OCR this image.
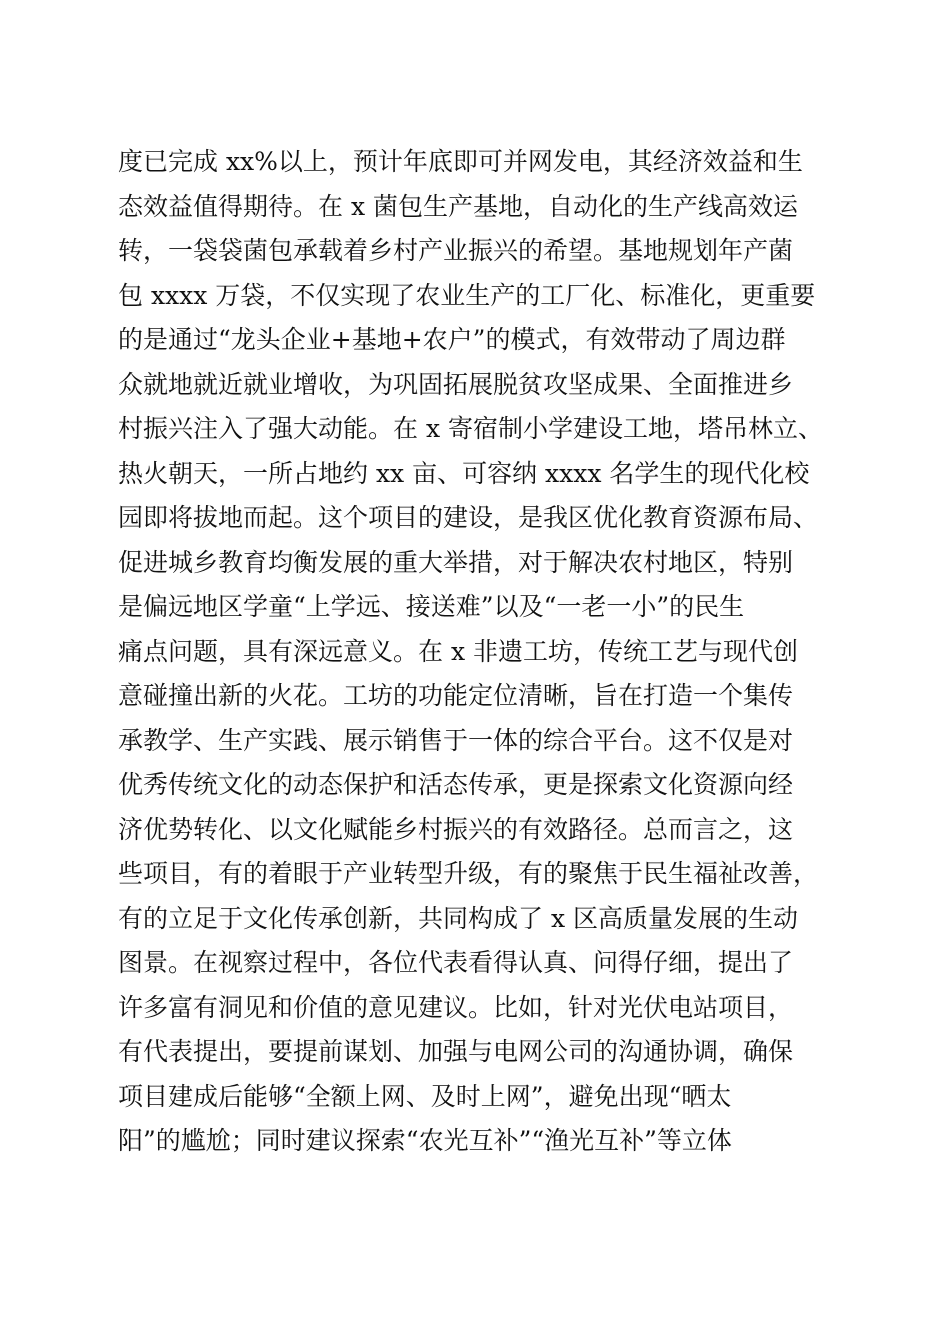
度已完成 xx%以上，预计年底即可并网发电，其经济效益和生
态效益值得期待。在 x 菌包生产基地，自动化的生产线高效运
转，一袋袋菌包承载着乡村产业振兴的希望。基地规划年产菌
包 xxxx 万袋，不仅实现了农业生产的工厂化、标准化，更重要
的是通过“龙头企业+基地+农户”的模式，有效带动了周边群
众就地就近就业增收，为巩固拓展脱贫攻坚成果、全面推进乡
村振兴注入了强大动能。在 x 寄宿制小学建设工地，塔吊林立、
热火朝天，一所占地约 xx 亩、可容纳 xxxx 名学生的现代化校
园即将拔地而起。这个项目的建设，是我区优化教育资源布局、
促进城乡教育均衡发展的重大举措，对于解决农村地区，特别
是偏远地区学童“上学远、接送难”以及“一老一小”的民生
痛点问题，具有深远意义。在 x 非遗工坊，传统工艺与现代创
意碰撞出新的火花。工坊的功能定位清晰，旨在打造一个集传
承教学、生产实践、展示销售于一体的综合平台。这不仅是对
优秀传统文化的动态保护和活态传承，更是探索文化资源向经
济优势转化、以文化赋能乡村振兴的有效路径。总而言之，这
些项目，有的着眼于产业转型升级，有的聚焦于民生福祉改善，
有的立足于文化传承创新，共同构成了 x 区高质量发展的生动
图景。在视察过程中，各位代表看得认真、问得仔细，提出了
许多富有洞见和价值的意见建议。比如，针对光伏电站项目，
有代表提出，要提前谋划、加强与电网公司的沟通协调，确保
项目建成后能够“全额上网、及时上网”，避免出现“晒太
阳”的尴尬；同时建议探索“农光互补”“渔光互补”等立体
